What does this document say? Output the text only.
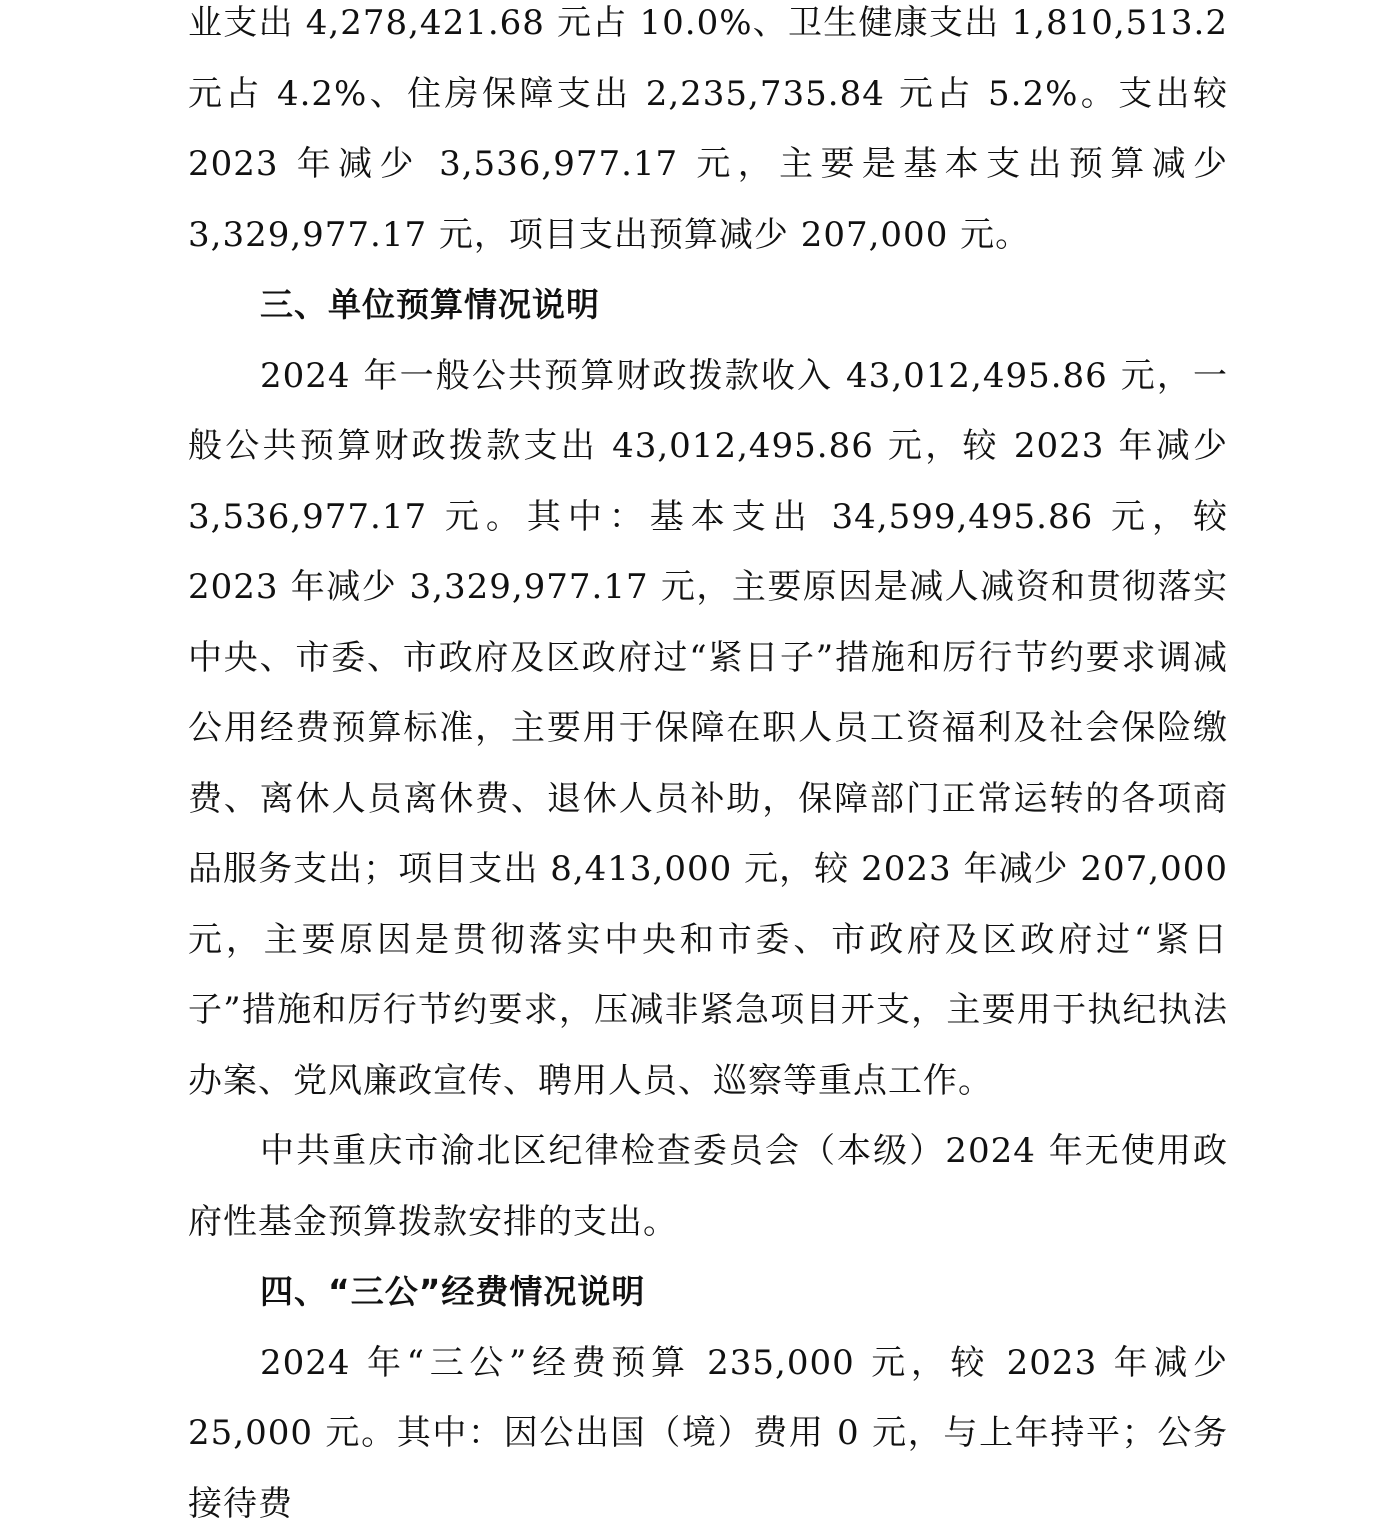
业支出 4,278,421.68 元占 10.0%、卫生健康支出 1,810,513.2 元占 4.2%、住房保障支出 2,235,735.84 元占 5.2%。支出较 2023 年减少 3,536,977.17 元，主要是基本支出预算减少 3,329,977.17 元，项目支出预算减少 207,000 元。

三、单位预算情况说明

2024 年一般公共预算财政拨款收入 43,012,495.86 元，一般公共预算财政拨款支出 43,012,495.86 元，较 2023 年减少 3,536,977.17 元。其中：基本支出 34,599,495.86 元，较 2023 年减少 3,329,977.17 元，主要原因是减人减资和贯彻落实中央、市委、市政府及区政府过“紧日子”措施和厉行节约要求调减公用经费预算标准，主要用于保障在职人员工资福利及社会保险缴费、离休人员离休费、退休人员补助，保障部门正常运转的各项商品服务支出；项目支出 8,413,000 元，较 2023 年减少 207,000 元，主要原因是贯彻落实中央和市委、市政府及区政府过“紧日子”措施和厉行节约要求，压减非紧急项目开支，主要用于执纪执法办案、党风廉政宣传、聘用人员、巡察等重点工作。

中共重庆市渝北区纪律检查委员会（本级）2024 年无使用政府性基金预算拨款安排的支出。

四、“三公”经费情况说明

2024 年“三公”经费预算 235,000 元，较 2023 年减少 25,000 元。其中：因公出国（境）费用 0 元，与上年持平；公务接待费
